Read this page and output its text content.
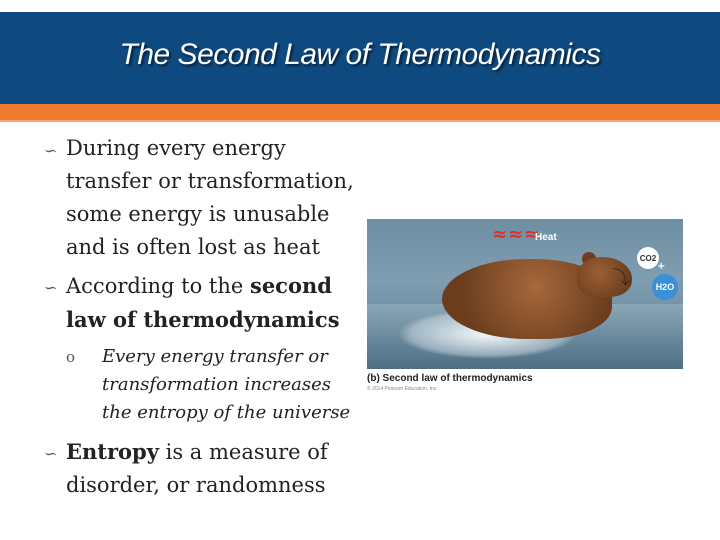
The Second Law of Thermodynamics
∽ During every energy transfer or transformation, some energy is unusable and is often lost as heat
∽ According to the second law of thermodynamics
o Every energy transfer or transformation increases the entropy of the universe
∽ Entropy is a measure of disorder, or randomness
≈≈≈
Heat
⤵
CO2
+
H2O
(b) Second law of thermodynamics
© 2014 Pearson Education, Inc.
